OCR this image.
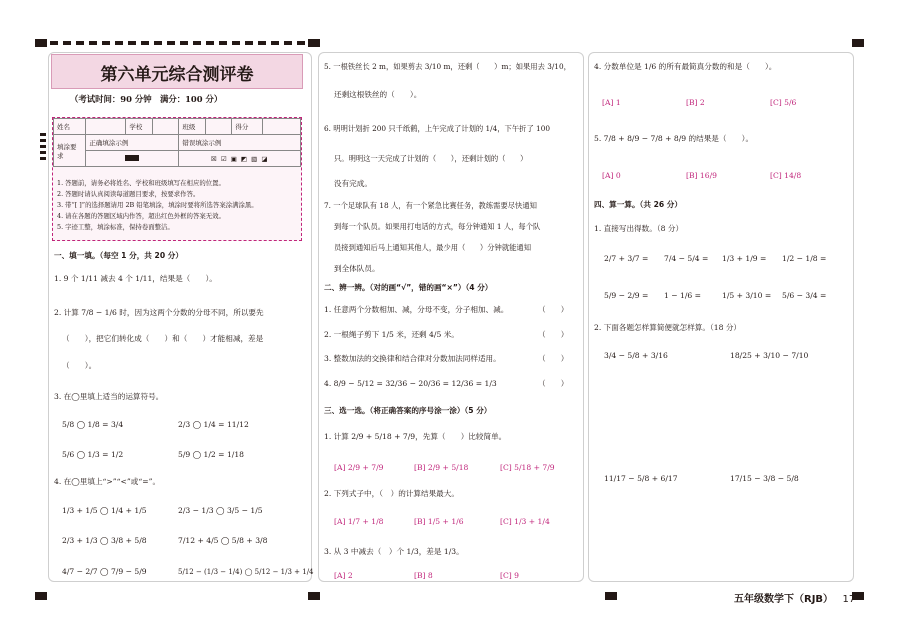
第六单元综合测评卷
（考试时间：90 分钟　满分：100 分）
姓名		学校		班级		得分	
填涂要求	正确填涂示例			错误填涂示例			
				☒ ☑ ▣ ◩ ▧ ◪			
1. 答题前，请务必将姓名、学校和班级填写在相应的位置。
2. 答题时请认真阅读每道题目要求，按要求作答。
3. 带“[ ]”的选择题请用 2B 铅笔填涂，填涂时要将所选答案涂满涂黑。
4. 请在各题的答题区域内作答，超出红色外框的答案无效。
5. 字迹工整，填涂标准，保持卷面整洁。
一、填一填。（每空 1 分，共 20 分）
1. 9 个 1/11 减去 4 个 1/11，结果是（　　）。
2. 计算 7/8 − 1/6 时，因为这两个分数的分母不同，所以要先
（　　），把它们转化成（　　）和（　　）才能相减，差是
（　　）。
3. 在◯里填上适当的运算符号。
5/8 ◯ 1/8 = 3/4	2/3 ◯ 1/4 = 11/12
5/6 ◯ 1/3 = 1/2	5/9 ◯ 1/2 = 1/18
4. 在◯里填上“>”“<”或“=”。
1/3 + 1/5 ◯ 1/4 + 1/5	2/3 − 1/3 ◯ 3/5 − 1/5
2/3 + 1/3 ◯ 3/8 + 5/8	7/12 + 4/5 ◯ 5/8 + 3/8
4/7 − 2/7 ◯ 7/9 − 5/9	5/12 − (1/3 − 1/4) ◯ 5/12 − 1/3 + 1/4
5. 一根铁丝长 2 m，如果剪去 3/10 m，还剩（　　）m；如果用去 3/10，
还剩这根铁丝的（　　）。
6. 明明计划折 200 只千纸鹤，上午完成了计划的 1/4，下午折了 100
只。明明这一天完成了计划的（　　），还剩计划的（　　）
没有完成。
7. 一个足球队有 18 人，有一个紧急比赛任务，教练需要尽快通知
到每一个队员。如果用打电话的方式，每分钟通知 1 人，每个队
员接到通知后马上通知其他人，最少用（　　）分钟就能通知
到全体队员。
二、辨一辨。（对的画“√”，错的画“×”）（4 分）
1. 任意两个分数相加、减，分母不变，分子相加、减。	（　　）
2. 一根绳子剪下 1/5 米，还剩 4/5 米。	（　　）
3. 整数加法的交换律和结合律对分数加法同样适用。	（　　）
4. 8/9 − 5/12 = 32/36 − 20/36 = 12/36 = 1/3	（　　）
三、选一选。（将正确答案的序号涂一涂）（5 分）
1. 计算 2/9 + 5/18 + 7/9，先算（　　）比较简单。
[A] 2/9 + 7/9	[B] 2/9 + 5/18	[C] 5/18 + 7/9
2. 下列式子中，（　）的计算结果最大。
[A] 1/7 + 1/8	[B] 1/5 + 1/6	[C] 1/3 + 1/4
3. 从 3 中减去（　）个 1/3，差是 1/3。
[A] 2	[B] 8	[C] 9
4. 分数单位是 1/6 的所有最简真分数的和是（　　）。
[A] 1	[B] 2	[C] 5/6
5. 7/8 + 8/9 − 7/8 + 8/9 的结果是（　　）。
[A] 0	[B] 16/9	[C] 14/8
四、算一算。（共 26 分）
1. 直接写出得数。（8 分）
2/7 + 3/7 = 7/4 − 5/4 = 1/3 + 1/9 = 1/2 − 1/8 =
5/9 − 2/9 = 1 − 1/6 =	1/5 + 3/10 = 5/6 − 3/4 =
2. 下面各题怎样算简便就怎样算。（18 分）
3/4 − 5/8 + 3/16	18/25 + 3/10 − 7/10
11/17 − 5/8 + 6/17	17/15 − 3/8 − 5/8
五年级数学下（RJB） 17
